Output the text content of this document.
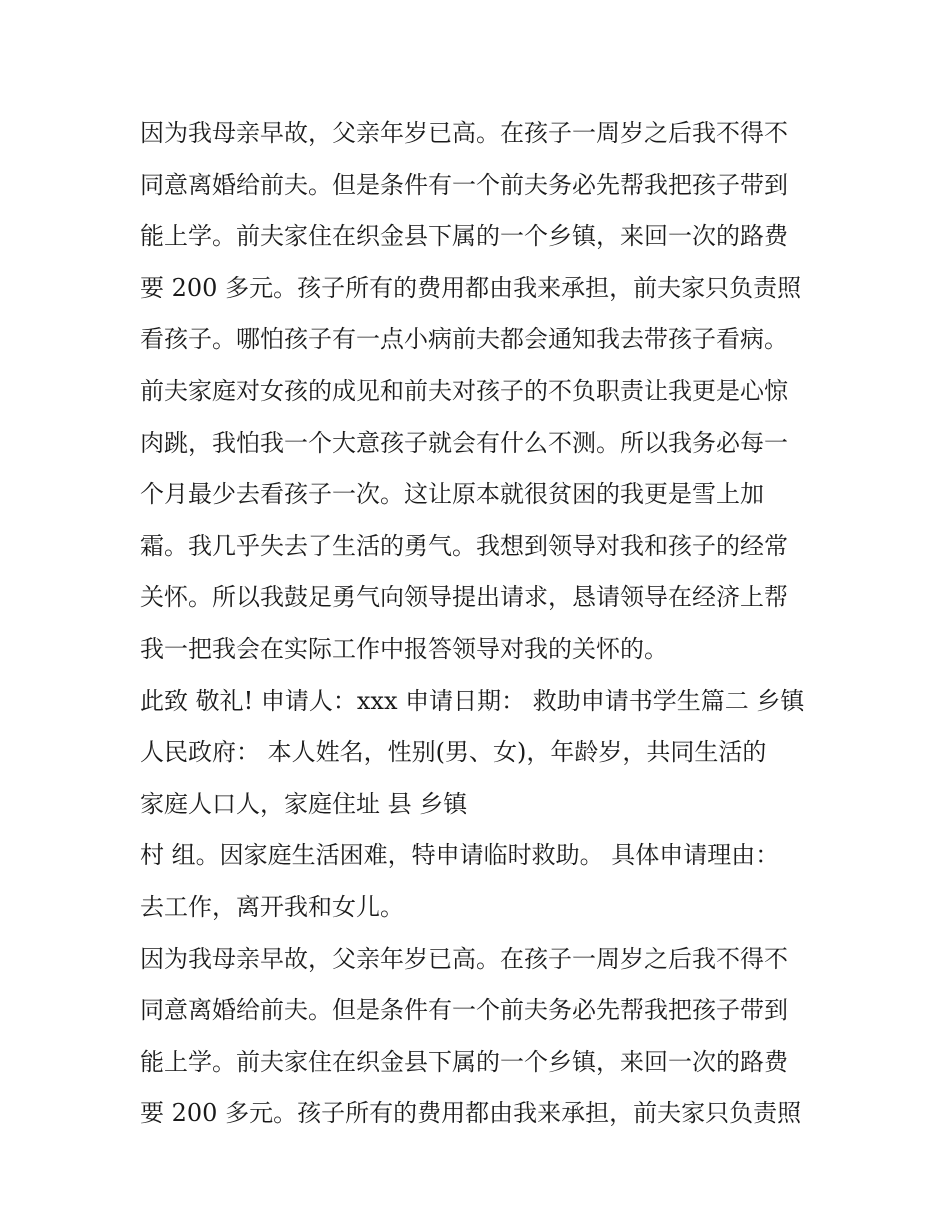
因为我母亲早故，父亲年岁已高。在孩子一周岁之后我不得不
同意离婚给前夫。但是条件有一个前夫务必先帮我把孩子带到
能上学。前夫家住在织金县下属的一个乡镇，来回一次的路费
要 200 多元。孩子所有的费用都由我来承担，前夫家只负责照
看孩子。哪怕孩子有一点小病前夫都会通知我去带孩子看病。
前夫家庭对女孩的成见和前夫对孩子的不负职责让我更是心惊
肉跳，我怕我一个大意孩子就会有什么不测。所以我务必每一
个月最少去看孩子一次。这让原本就很贫困的我更是雪上加
霜。我几乎失去了生活的勇气。我想到领导对我和孩子的经常
关怀。所以我鼓足勇气向领导提出请求，恳请领导在经济上帮
我一把我会在实际工作中报答领导对我的关怀的。
此致 敬礼! 申请人：xxx 申请日期： 救助申请书学生篇二 乡镇
人民政府： 本人姓名，性别(男、女)，年龄岁，共同生活的
家庭人口人，家庭住址 县 乡镇
村 组。因家庭生活困难，特申请临时救助。 具体申请理由：
去工作，离开我和女儿。
因为我母亲早故，父亲年岁已高。在孩子一周岁之后我不得不
同意离婚给前夫。但是条件有一个前夫务必先帮我把孩子带到
能上学。前夫家住在织金县下属的一个乡镇，来回一次的路费
要 200 多元。孩子所有的费用都由我来承担，前夫家只负责照
